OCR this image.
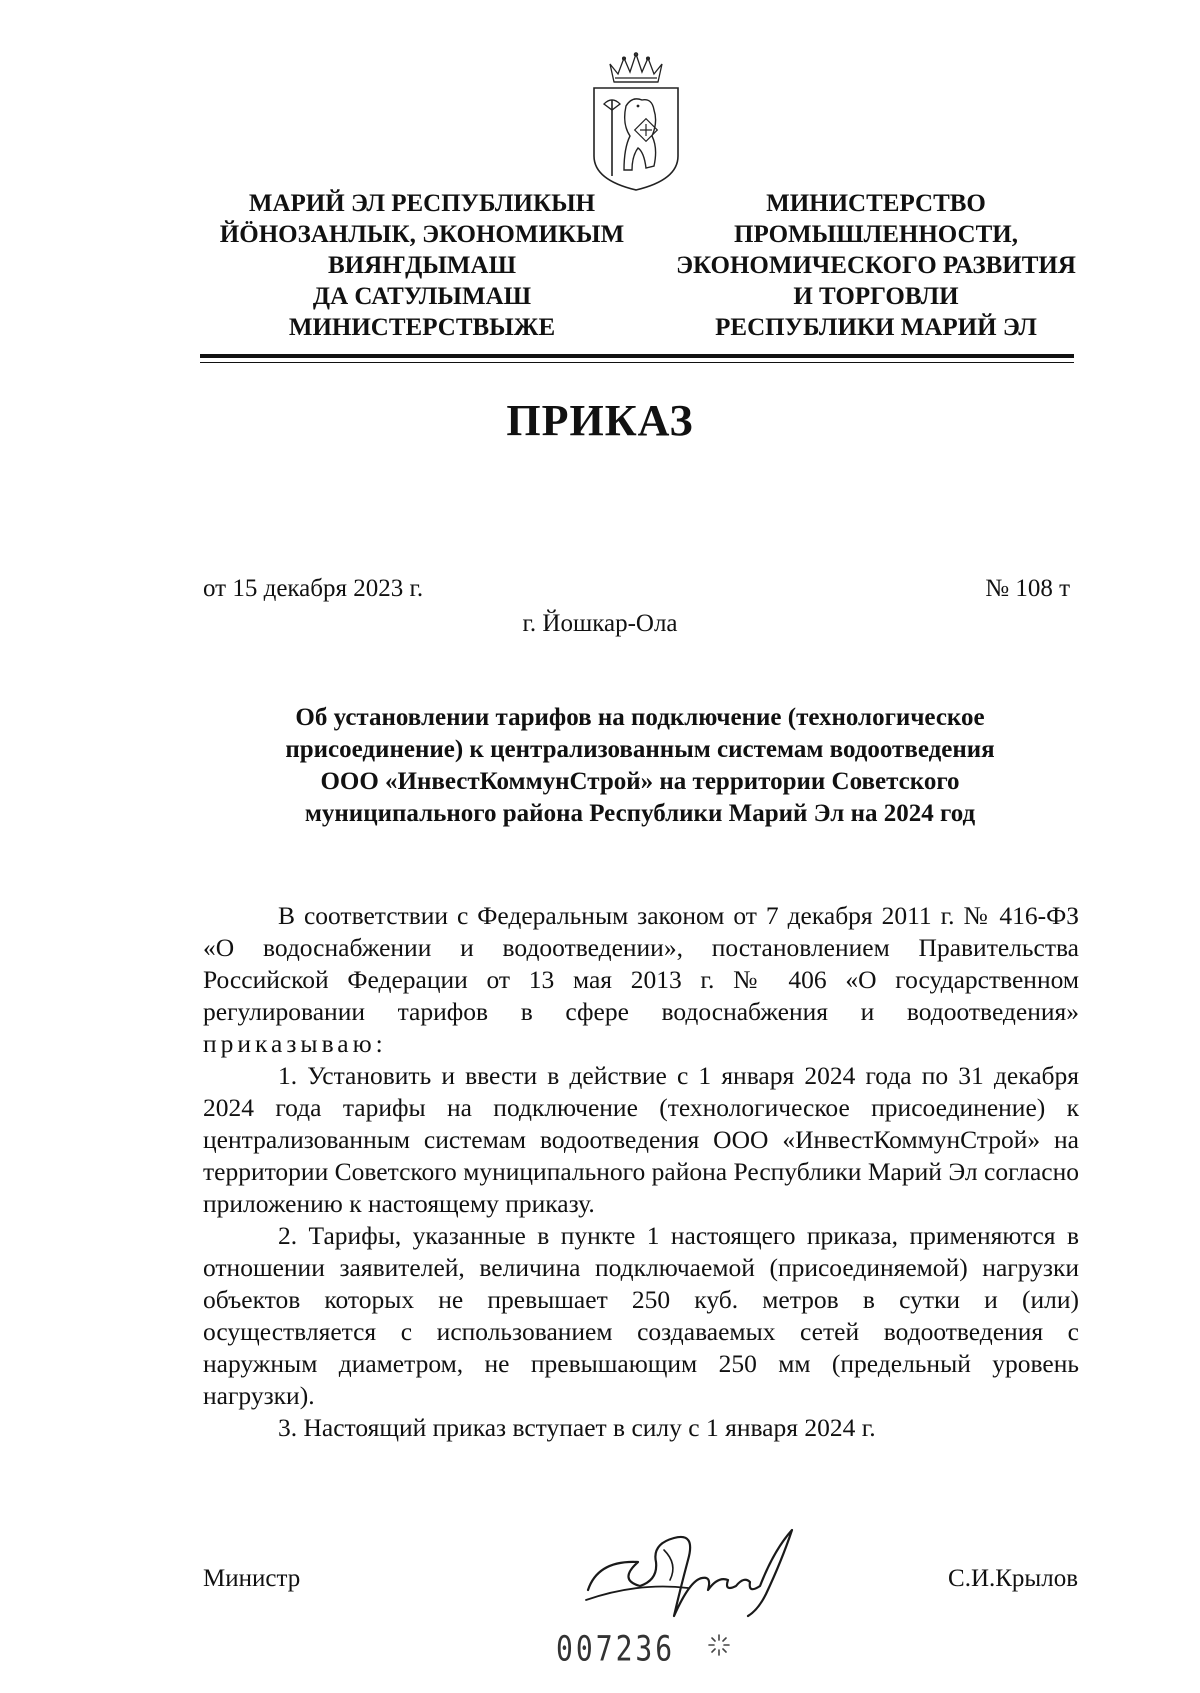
МАРИЙ ЭЛ РЕСПУБЛИКЫН
ЙӦНОЗАНЛЫК, ЭКОНОМИКЫМ
ВИЯҤДЫМАШ
ДА САТУЛЫМАШ
МИНИСТЕРСТВЫЖЕ
МИНИСТЕРСТВО
ПРОМЫШЛЕННОСТИ,
ЭКОНОМИЧЕСКОГО РАЗВИТИЯ
И ТОРГОВЛИ
РЕСПУБЛИКИ МАРИЙ ЭЛ
ПРИКАЗ
от 15 декабря 2023 г.	№ 108 т
г. Йошкар-Ола
Об установлении тарифов на подключение (технологическое
присоединение) к централизованным системам водоотведения
ООО «ИнвестКоммунСтрой» на территории Советского
муниципального района Республики Марий Эл на 2024 год

В соответствии с Федеральным законом от 7 декабря 2011 г. № 416-ФЗ «О водоснабжении и водоотведении», постановлением Правительства Российской Федерации от 13 мая 2013 г. № 406 «О государственном регулировании тарифов в сфере водоснабжения и водоотведения» приказываю:

1. Установить и ввести в действие с 1 января 2024 года по 31 декабря 2024 года тарифы на подключение (технологическое присоединение) к централизованным системам водоотведения ООО «ИнвестКоммунСтрой» на территории Советского муниципального района Республики Марий Эл согласно приложению к настоящему приказу.

2. Тарифы, указанные в пункте 1 настоящего приказа, применяются в отношении заявителей, величина подключаемой (присоединяемой) нагрузки объектов которых не превышает 250 куб. метров в сутки и (или) осуществляется с использованием создаваемых сетей водоотведения с наружным диаметром, не превышающим 250 мм (предельный уровень нагрузки).

3. Настоящий приказ вступает в силу с 1 января 2024 г.

Министр	С.И.Крылов
007236
